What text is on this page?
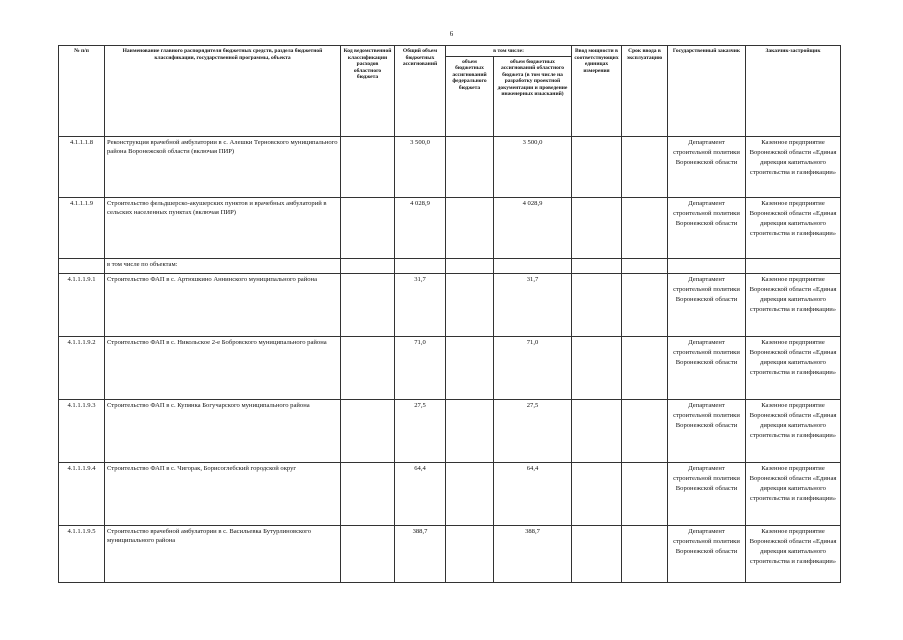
6
№ п/п	Наименование главного распорядителя бюджетных средств, раздела бюджетной классификации, государственной программы, объекта	Код ведомственной классификации расходов областного бюджета	Общий объем бюджетных ассигнований	в том числе:		Ввод мощности в соответствующих единицах измерения	Срок ввода в эксплуатацию	Государственный заказчик	Заказчик-застройщик
				объем бюджетных ассигнований федерального бюджета	объем бюджетных ассигнований областного бюджета (в том числе на разработку проектной документации и проведение инженерных изысканий)				
4.1.1.1.8	Реконструкция врачебной амбулатории в с. Алешки Терновского муниципального района Воронежской области (включая ПИР)		3 500,0		3 500,0			Департамент строительной политики Воронежской области	Казенное предприятие Воронежской области «Единая дирекция капитального строительства и газификации»
4.1.1.1.9	Строительство фельдшерско-акушерских пунктов и врачебных амбулаторий в сельских населенных пунктах (включая ПИР)		4 028,9		4 028,9			Департамент строительной политики Воронежской области	Казенное предприятие Воронежской области «Единая дирекция капитального строительства и газификации»
	в том числе по объектам:								
4.1.1.1.9.1	Строительство ФАП в с. Артюшкино Аннинского муниципального района		31,7		31,7			Департамент строительной политики Воронежской области	Казенное предприятие Воронежской области «Единая дирекция капитального строительства и газификации»
4.1.1.1.9.2	Строительство ФАП в с. Никольское 2-е Бобровского муниципального района		71,0		71,0			Департамент строительной политики Воронежской области	Казенное предприятие Воронежской области «Единая дирекция капитального строительства и газификации»
4.1.1.1.9.3	Строительство ФАП в с. Купянка Богучарского муниципального района		27,5		27,5			Департамент строительной политики Воронежской области	Казенное предприятие Воронежской области «Единая дирекция капитального строительства и газификации»
4.1.1.1.9.4	Строительство ФАП в с. Чигорак, Борисоглебский городской округ		64,4		64,4			Департамент строительной политики Воронежской области	Казенное предприятие Воронежской области «Единая дирекция капитального строительства и газификации»
4.1.1.1.9.5	Строительство врачебной амбулатории в с. Васильевка Бутурлиновского муниципального района		388,7		388,7			Департамент строительной политики Воронежской области	Казенное предприятие Воронежской области «Единая дирекция капитального строительства и газификации»
